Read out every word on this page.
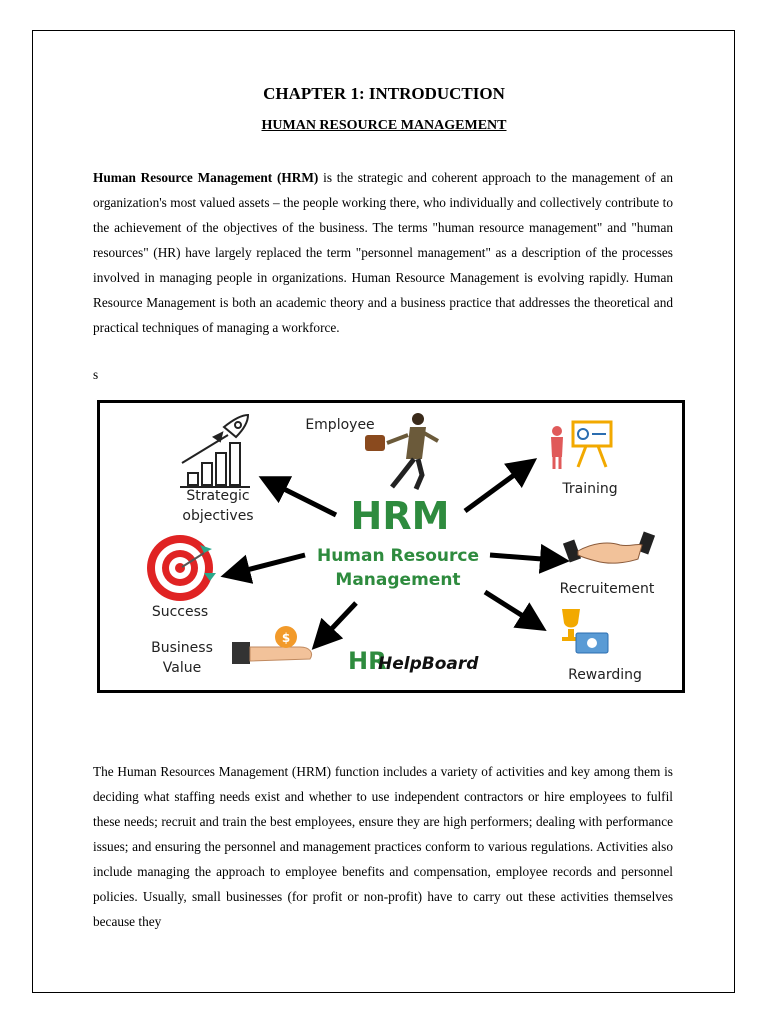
CHAPTER 1: INTRODUCTION
HUMAN RESOURCE MANAGEMENT

Human Resource Management (HRM) is the strategic and coherent approach to the management of an organization's most valued assets – the people working there, who individually and collectively contribute to the achievement of the objectives of the business. The terms "human resource management" and "human resources" (HR) have largely replaced the term "personnel management" as a description of the processes involved in managing people in organizations. Human Resource Management is evolving rapidly. Human Resource Management is both an academic theory and a business practice that addresses the theoretical and practical techniques of managing a workforce.

s
HRM
Human Resource
Management
Strategic
objectives
Employee
Training
Success
Recruitement
$
Business
Value	Rewarding
HR
HelpBoard

The Human Resources Management (HRM) function includes a variety of activities and key among them is deciding what staffing needs exist and whether to use independent contractors or hire employees to fulfil these needs; recruit and train the best employees, ensure they are high performers; dealing with performance issues; and ensuring the personnel and management practices conform to various regulations. Activities also include managing the approach to employee benefits and compensation, employee records and personnel policies. Usually, small businesses (for profit or non-profit) have to carry out these activities themselves because they
